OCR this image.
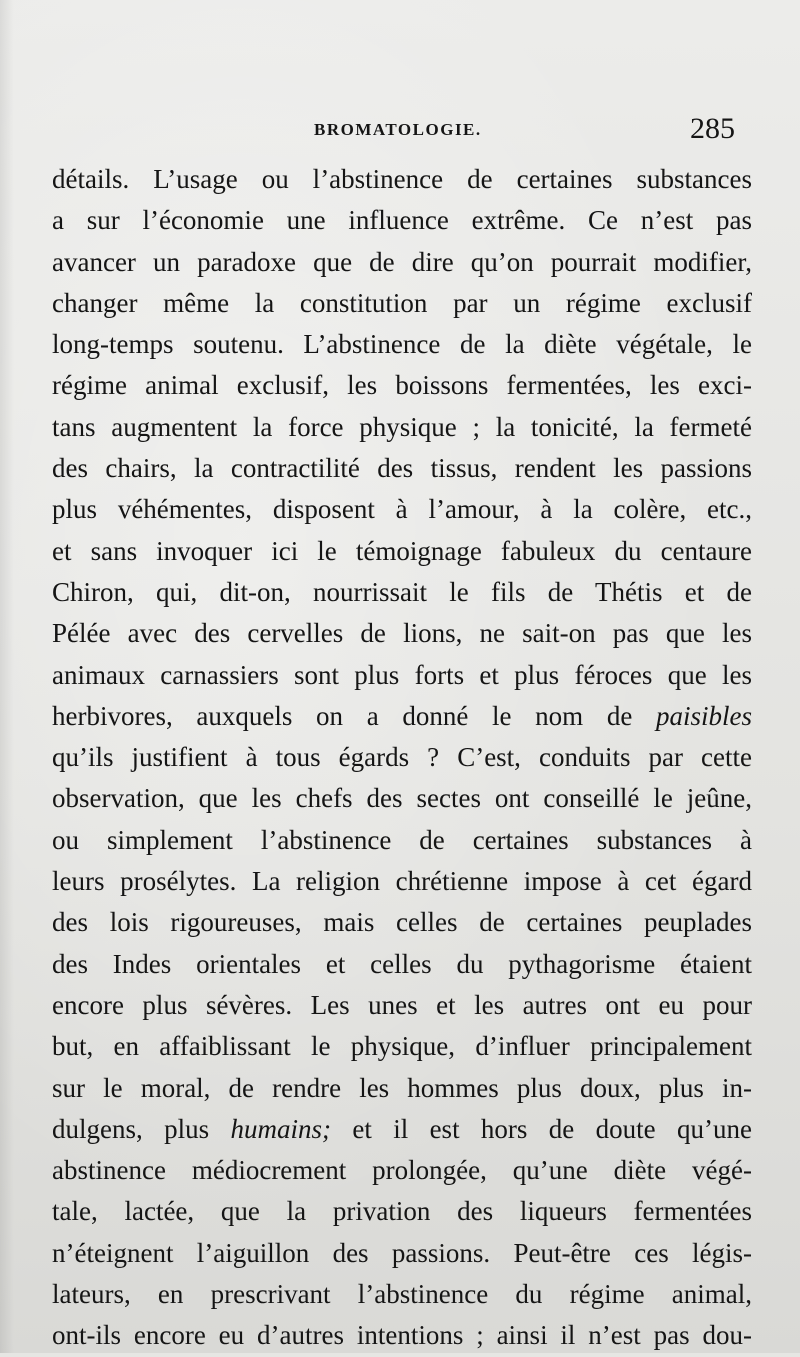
BROMATOLOGIE.	285
détails. L’usage ou l’abstinence de certaines substances
a sur l’économie une influence extrême. Ce n’est pas
avancer un paradoxe que de dire qu’on pourrait modifier,
changer même la constitution par un régime exclusif
long-temps soutenu. L’abstinence de la diète végétale, le
régime animal exclusif, les boissons fermentées, les exci-
tans augmentent la force physique ; la tonicité, la fermeté
des chairs, la contractilité des tissus, rendent les passions
plus véhémentes, disposent à l’amour, à la colère, etc.,
et sans invoquer ici le témoignage fabuleux du centaure
Chiron, qui, dit-on, nourrissait le fils de Thétis et de
Pélée avec des cervelles de lions, ne sait-on pas que les
animaux carnassiers sont plus forts et plus féroces que les
herbivores, auxquels on a donné le nom de paisibles
qu’ils justifient à tous égards ? C’est, conduits par cette
observation, que les chefs des sectes ont conseillé le jeûne,
ou simplement l’abstinence de certaines substances à
leurs prosélytes. La religion chrétienne impose à cet égard
des lois rigoureuses, mais celles de certaines peuplades
des Indes orientales et celles du pythagorisme étaient
encore plus sévères. Les unes et les autres ont eu pour
but, en affaiblissant le physique, d’influer principalement
sur le moral, de rendre les hommes plus doux, plus in-
dulgens, plus humains; et il est hors de doute qu’une
abstinence médiocrement prolongée, qu’une diète végé-
tale, lactée, que la privation des liqueurs fermentées
n’éteignent l’aiguillon des passions. Peut-être ces légis-
lateurs, en prescrivant l’abstinence du régime animal,
ont-ils encore eu d’autres intentions ; ainsi il n’est pas dou-
